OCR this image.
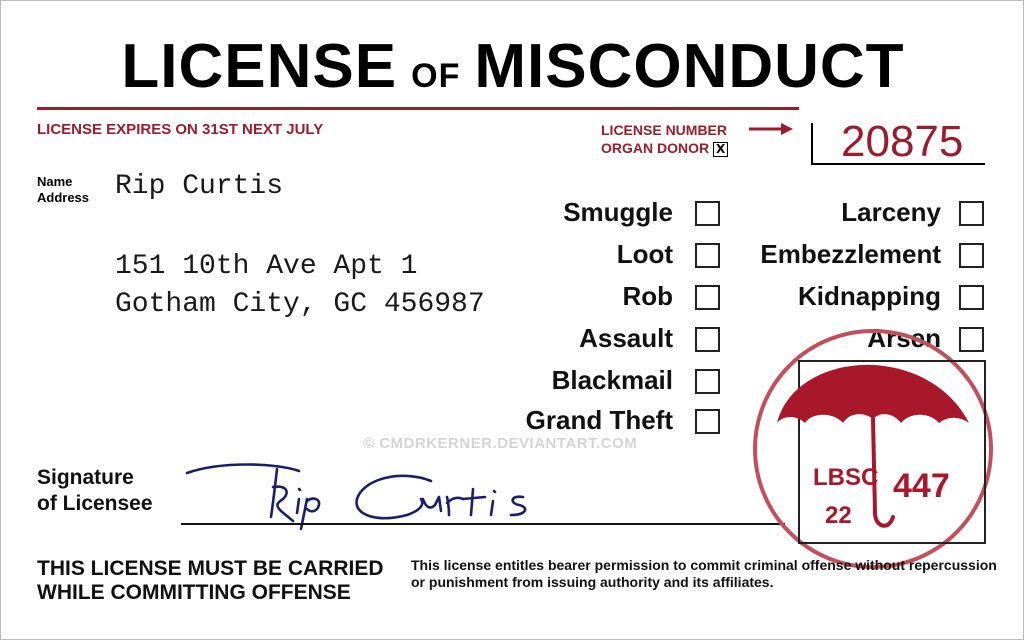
LICENSE OF MISCONDUCT
LICENSE EXPIRES ON 31ST NEXT JULY	LICENSE NUMBER
ORGAN DONOR X	20875
Name
Address Rip Curtis
151 10th Ave Apt 1
Gotham City, GC 456987
© CMDRKERNER.DEVIANTART.COM
Smuggle
Loot
Rob
Assault
Blackmail
Grand Theft
Larceny
Embezzlement
Kidnapping
Arsen
Signature
of Licensee
LBSC
22
447
THIS LICENSE MUST BE CARRIED
WHILE COMMITTING OFFENSE
This license entitles bearer permission to commit criminal offense without repercussion or punishment from issuing authority and its affiliates.
